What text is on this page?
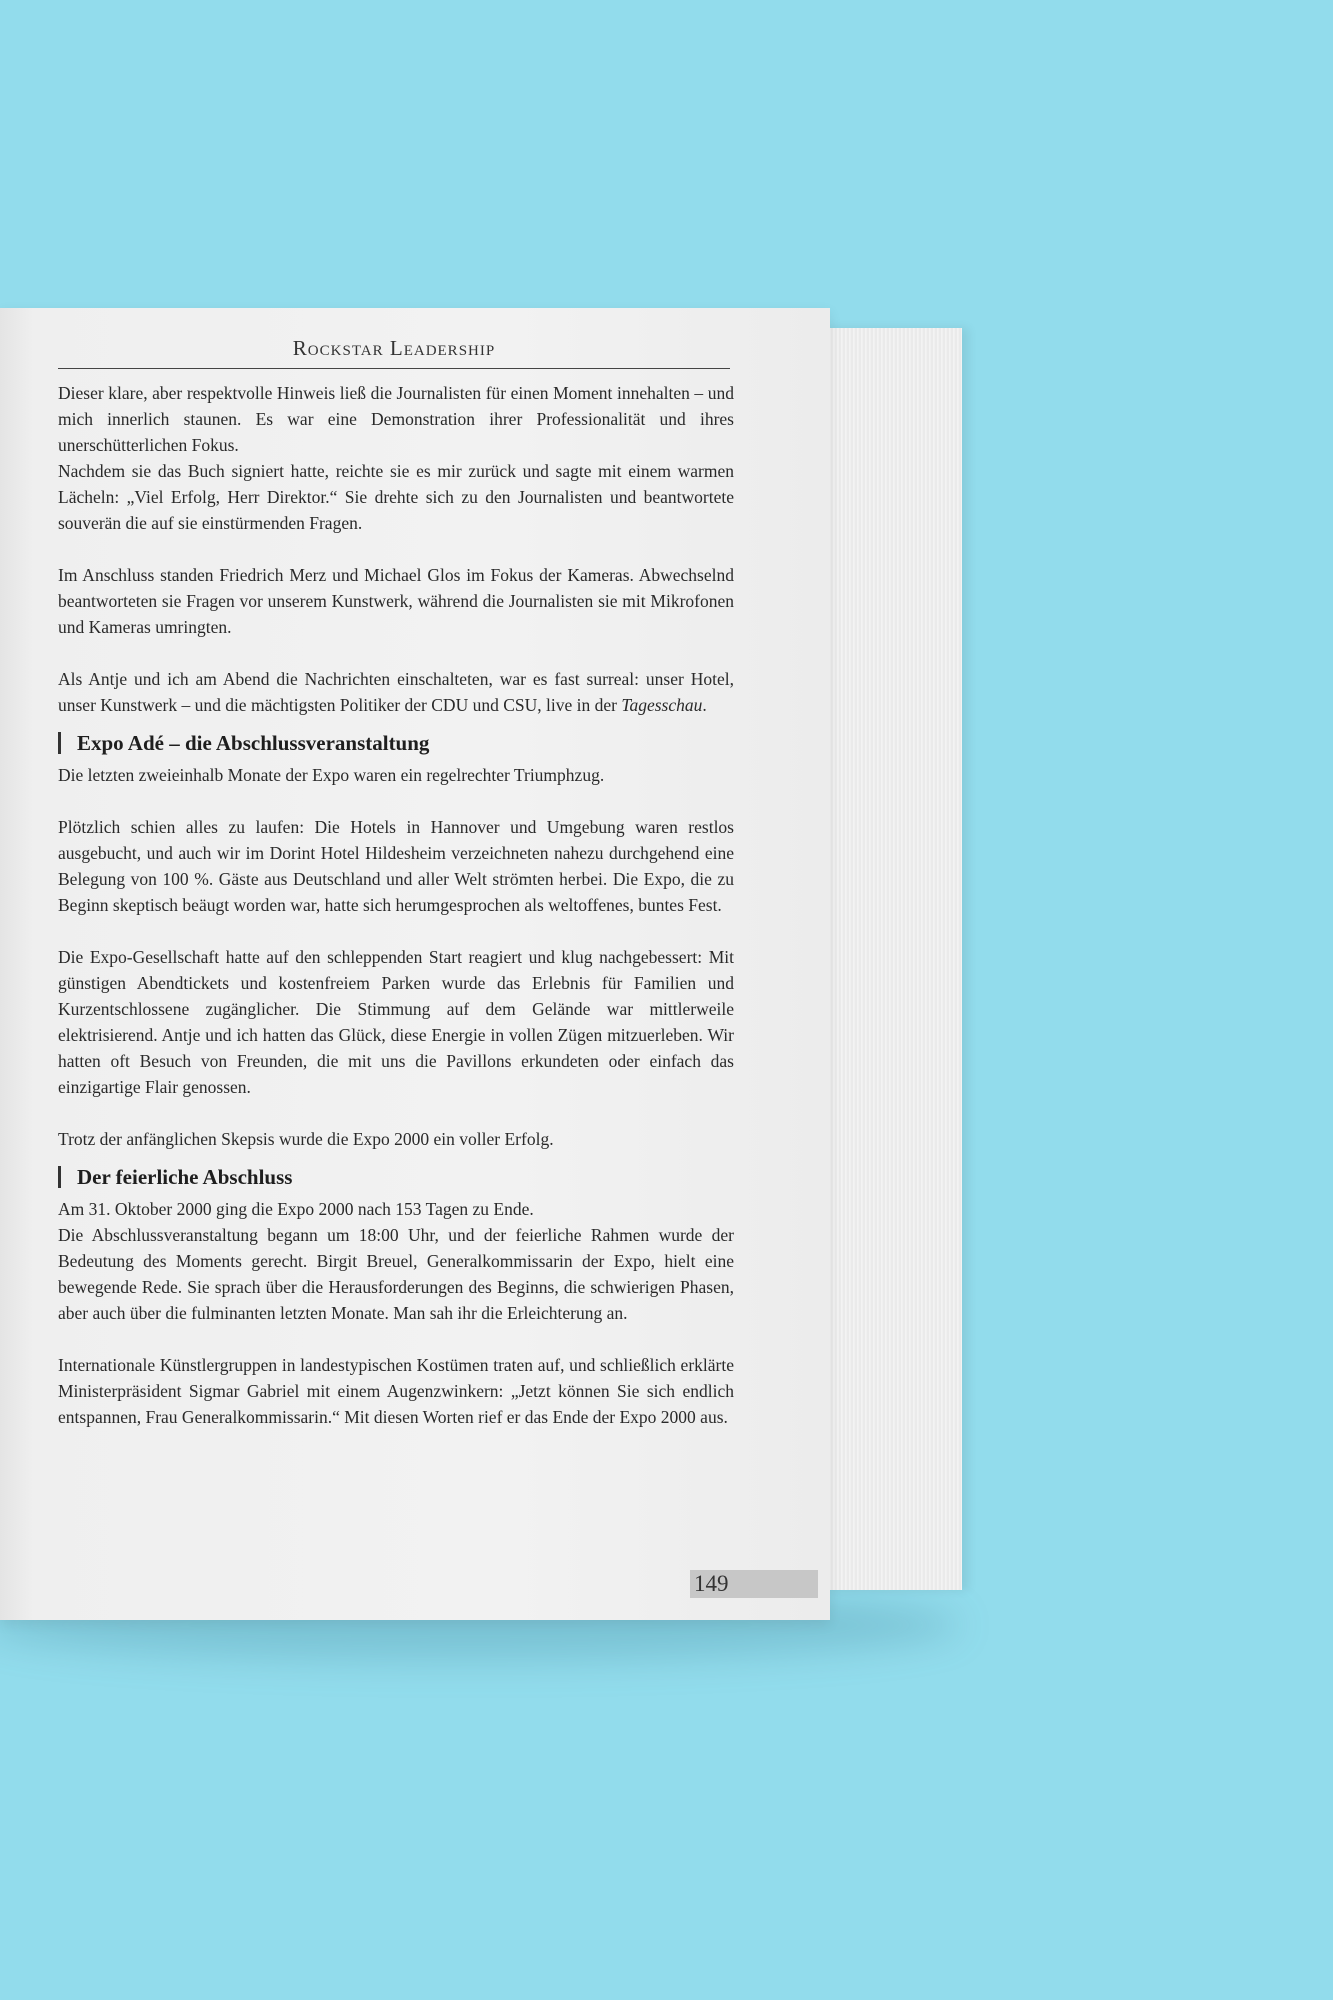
Rockstar Leadership

Dieser klare, aber respektvolle Hinweis ließ die Journalisten für einen Moment innehalten – und mich innerlich staunen. Es war eine Demonstration ihrer Professionalität und ihres unerschütterlichen Fokus.

Nachdem sie das Buch signiert hatte, reichte sie es mir zurück und sagte mit einem warmen Lächeln: „Viel Erfolg, Herr Direktor.“ Sie drehte sich zu den Journalisten und beantwortete souverän die auf sie einstürmenden Fragen.

Im Anschluss standen Friedrich Merz und Michael Glos im Fokus der Kameras. Abwechselnd beantworteten sie Fragen vor unserem Kunstwerk, während die Journalisten sie mit Mikrofonen und Kameras umringten.

Als Antje und ich am Abend die Nachrichten einschalteten, war es fast surreal: unser Hotel, unser Kunstwerk – und die mächtigsten Politiker der CDU und CSU, live in der Tagesschau.

Expo Adé – die Abschlussveranstaltung

Die letzten zweieinhalb Monate der Expo waren ein regelrechter Triumphzug.

Plötzlich schien alles zu laufen: Die Hotels in Hannover und Umgebung waren restlos ausgebucht, und auch wir im Dorint Hotel Hildesheim verzeichneten nahezu durchgehend eine Belegung von 100 %. Gäste aus Deutschland und aller Welt strömten herbei. Die Expo, die zu Beginn skeptisch beäugt worden war, hatte sich herumgesprochen als weltoffenes, buntes Fest.

Die Expo-Gesellschaft hatte auf den schleppenden Start reagiert und klug nachgebessert: Mit günstigen Abendtickets und kostenfreiem Parken wurde das Erlebnis für Familien und Kurzentschlossene zugänglicher. Die Stimmung auf dem Gelände war mittlerweile elektrisierend. Antje und ich hatten das Glück, diese Energie in vollen Zügen mitzuerleben. Wir hatten oft Besuch von Freunden, die mit uns die Pavillons erkundeten oder einfach das einzigartige Flair genossen.

Trotz der anfänglichen Skepsis wurde die Expo 2000 ein voller Erfolg.

Der feierliche Abschluss

Am 31. Oktober 2000 ging die Expo 2000 nach 153 Tagen zu Ende.

Die Abschlussveranstaltung begann um 18:00 Uhr, und der feierliche Rahmen wurde der Bedeutung des Moments gerecht. Birgit Breuel, Generalkommissarin der Expo, hielt eine bewegende Rede. Sie sprach über die Herausforderungen des Beginns, die schwierigen Phasen, aber auch über die fulminanten letzten Monate. Man sah ihr die Erleichterung an.

Internationale Künstlergruppen in landestypischen Kostümen traten auf, und schließlich erklärte Ministerpräsident Sigmar Gabriel mit einem Augenzwinkern: „Jetzt können Sie sich endlich entspannen, Frau Generalkommissarin.“ Mit diesen Worten rief er das Ende der Expo 2000 aus.

149
